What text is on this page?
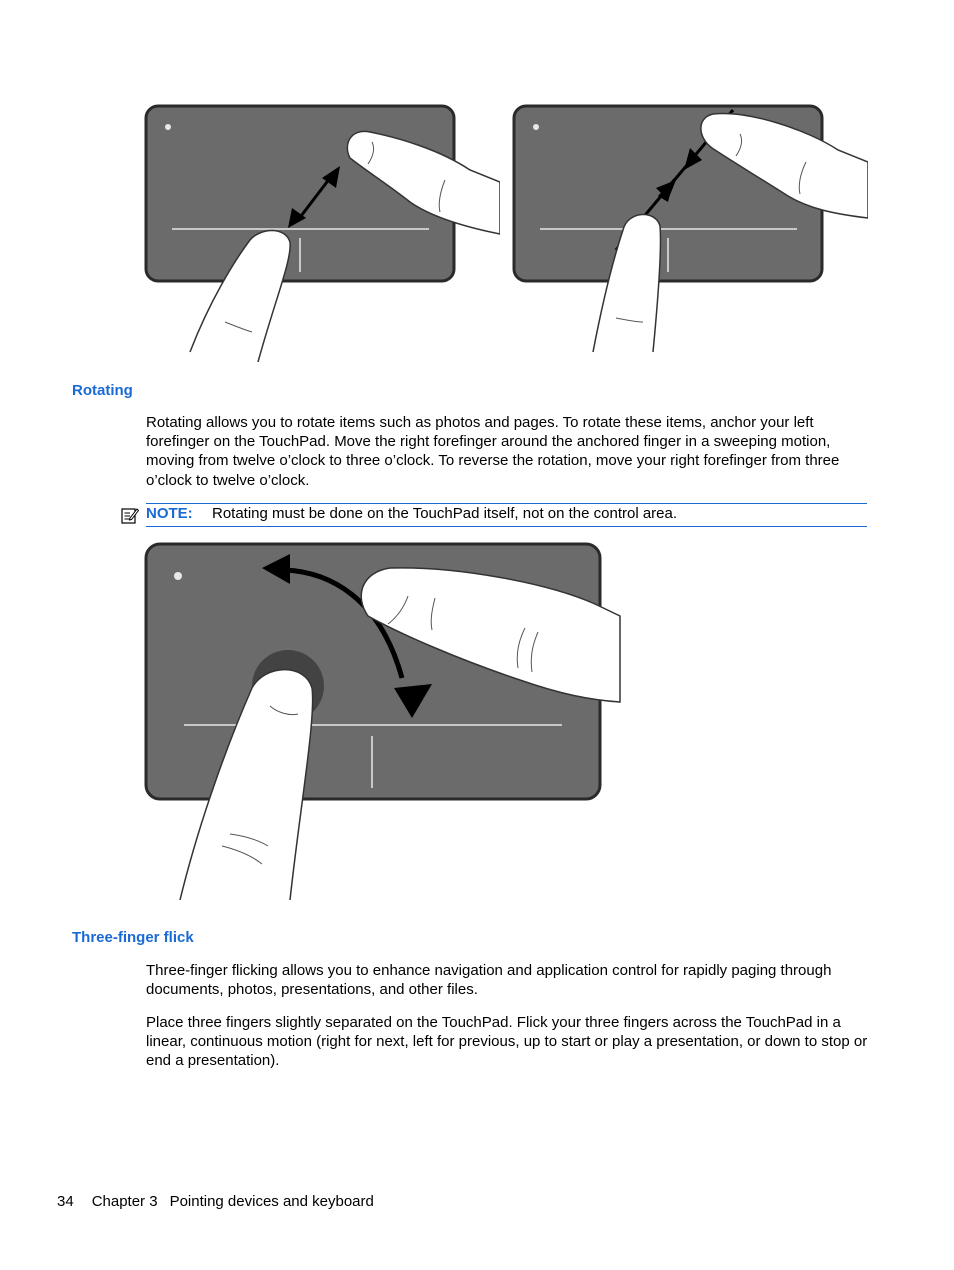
Rotating

Rotating allows you to rotate items such as photos and pages. To rotate these items, anchor your left forefinger on the TouchPad. Move the right forefinger around the anchored finger in a sweeping motion, moving from twelve o’clock to three o’clock. To reverse the rotation, move your right forefinger from three o’clock to twelve o’clock.

NOTE: Rotating must be done on the TouchPad itself, not on the control area.
Three-finger flick

Three-finger flicking allows you to enhance navigation and application control for rapidly paging through documents, photos, presentations, and other files.

Place three fingers slightly separated on the TouchPad. Flick your three fingers across the TouchPad in a linear, continuous motion (right for next, left for previous, up to start or play a presentation, or down to stop or end a presentation).

34 Chapter 3 Pointing devices and keyboard
